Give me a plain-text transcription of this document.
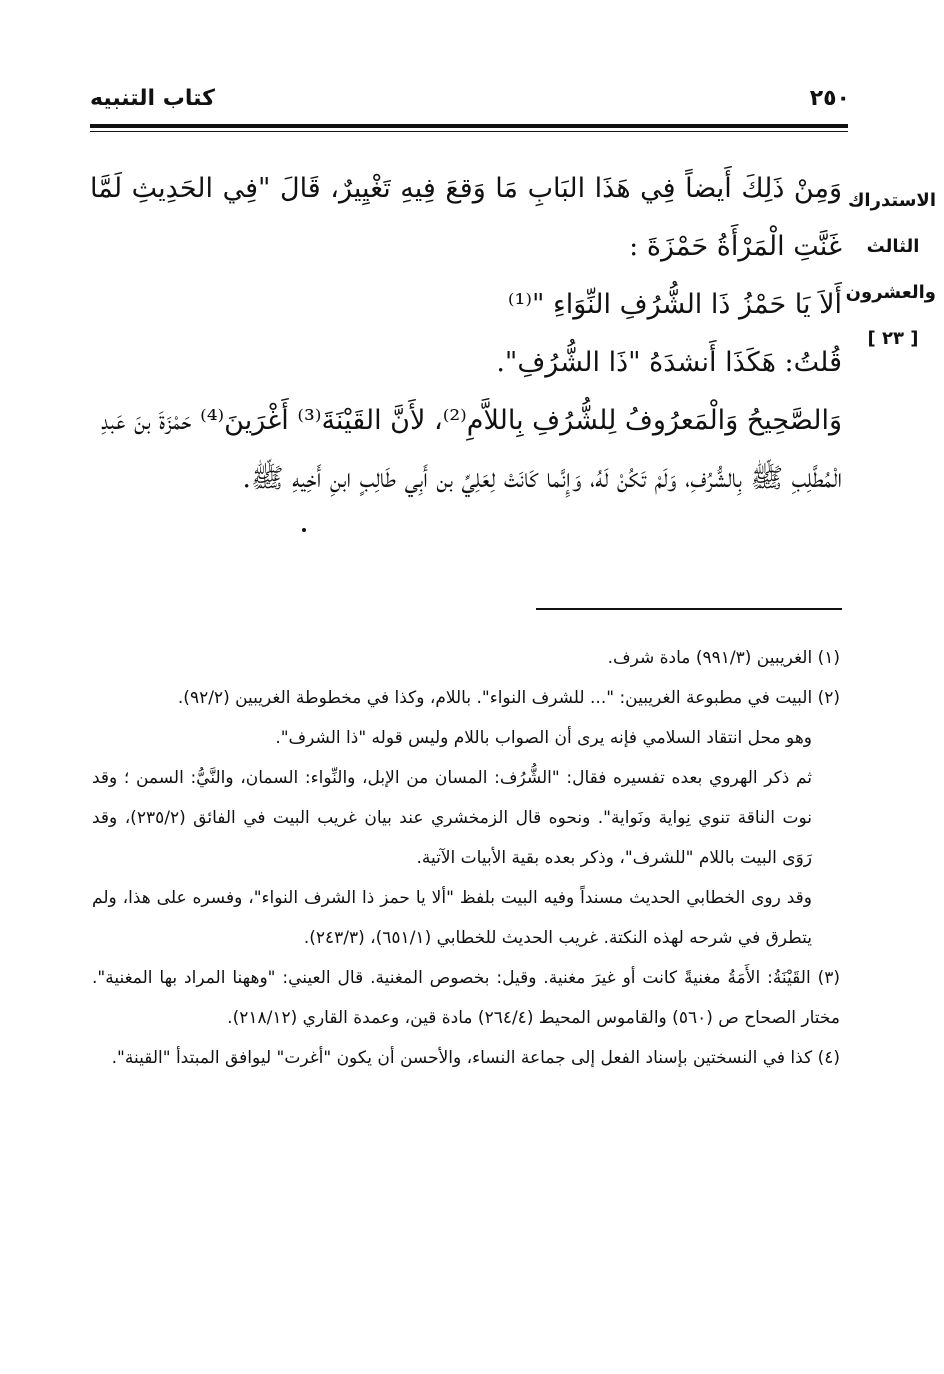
كتاب التنبيه	٢٥٠
الاستدراك
الثالث
والعشرون
[ ٢٣ ]

وَمِنْ ذَلِكَ أَيضاً فِي هَذَا البَابِ مَا وَقعَ فِيهِ تَغْيِيرٌ، قَالَ "فِي الحَدِيثِ لَمَّا غَنَّتِ الْمَرْأَةُ حَمْزَةَ :

أَلاَ يَا حَمْزُ ذَا الشُّرُفِ النِّوَاءِ "⁽¹⁾

قُلتُ: هَكَذَا أَنشدَهُ "ذَا الشُّرُفِ".

وَالصَّحِيحُ وَالْمَعرُوفُ لِلشُّرُفِ بِاللاَّمِ⁽²⁾، لأَنَّ القَيْنَةَ⁽³⁾ أَغْرَينَ⁽⁴⁾ حَمْزَةَ بنَ عَبدِ الْمُطَّلِبِ ﷺ بِالشُّرُفِ، وَلَمْ تَكُنْ لَهُ، وَإِنَّما كَانَتْ لِعَلِيِّ بن أَبِي طَالِبٍ ابنِ أَخِيهِ ﷺ.

(١) الغريبين (٩٩١/٣) مادة شرف.

(٢) البيت في مطبوعة الغريبين: "... للشرف النواء". باللام، وكذا في مخطوطة الغريبين (٩٢/٢).

وهو محل انتقاد السلامي فإنه يرى أن الصواب باللام وليس قوله "ذا الشرف".

ثم ذكر الهروي بعده تفسيره فقال: "الشُّرُف: المسان من الإبل، والنِّواء: السمان، والنَّيُّ: السمن ؛ وقد نوت الناقة تنوي نِواية ونَواية". ونحوه قال الزمخشري عند بيان غريب البيت في الفائق (٢٣٥/٢)، وقد رَوَى البيت باللام "للشرف"، وذكر بعده بقية الأبيات الآتية.

وقد روى الخطابي الحديث مسنداً وفيه البيت بلفظ "ألا يا حمز ذا الشرف النواء"، وفسره على هذا، ولم يتطرق في شرحه لهذه النكتة. غريب الحديث للخطابي (٦٥١/١)، (٢٤٣/٣).

(٣) القَيْنَةُ: الأَمَةُ مغنيةً كانت أو غيرَ مغنية. وقيل: بخصوص المغنية. قال العيني: "وههنا المراد بها المغنية". مختار الصحاح ص (٥٦٠) والقاموس المحيط (٢٦٤/٤) مادة قين، وعمدة القاري (٢١٨/١٢).

(٤) كذا في النسختين بإسناد الفعل إلى جماعة النساء، والأحسن أن يكون "أغرت" ليوافق المبتدأ "القينة".
